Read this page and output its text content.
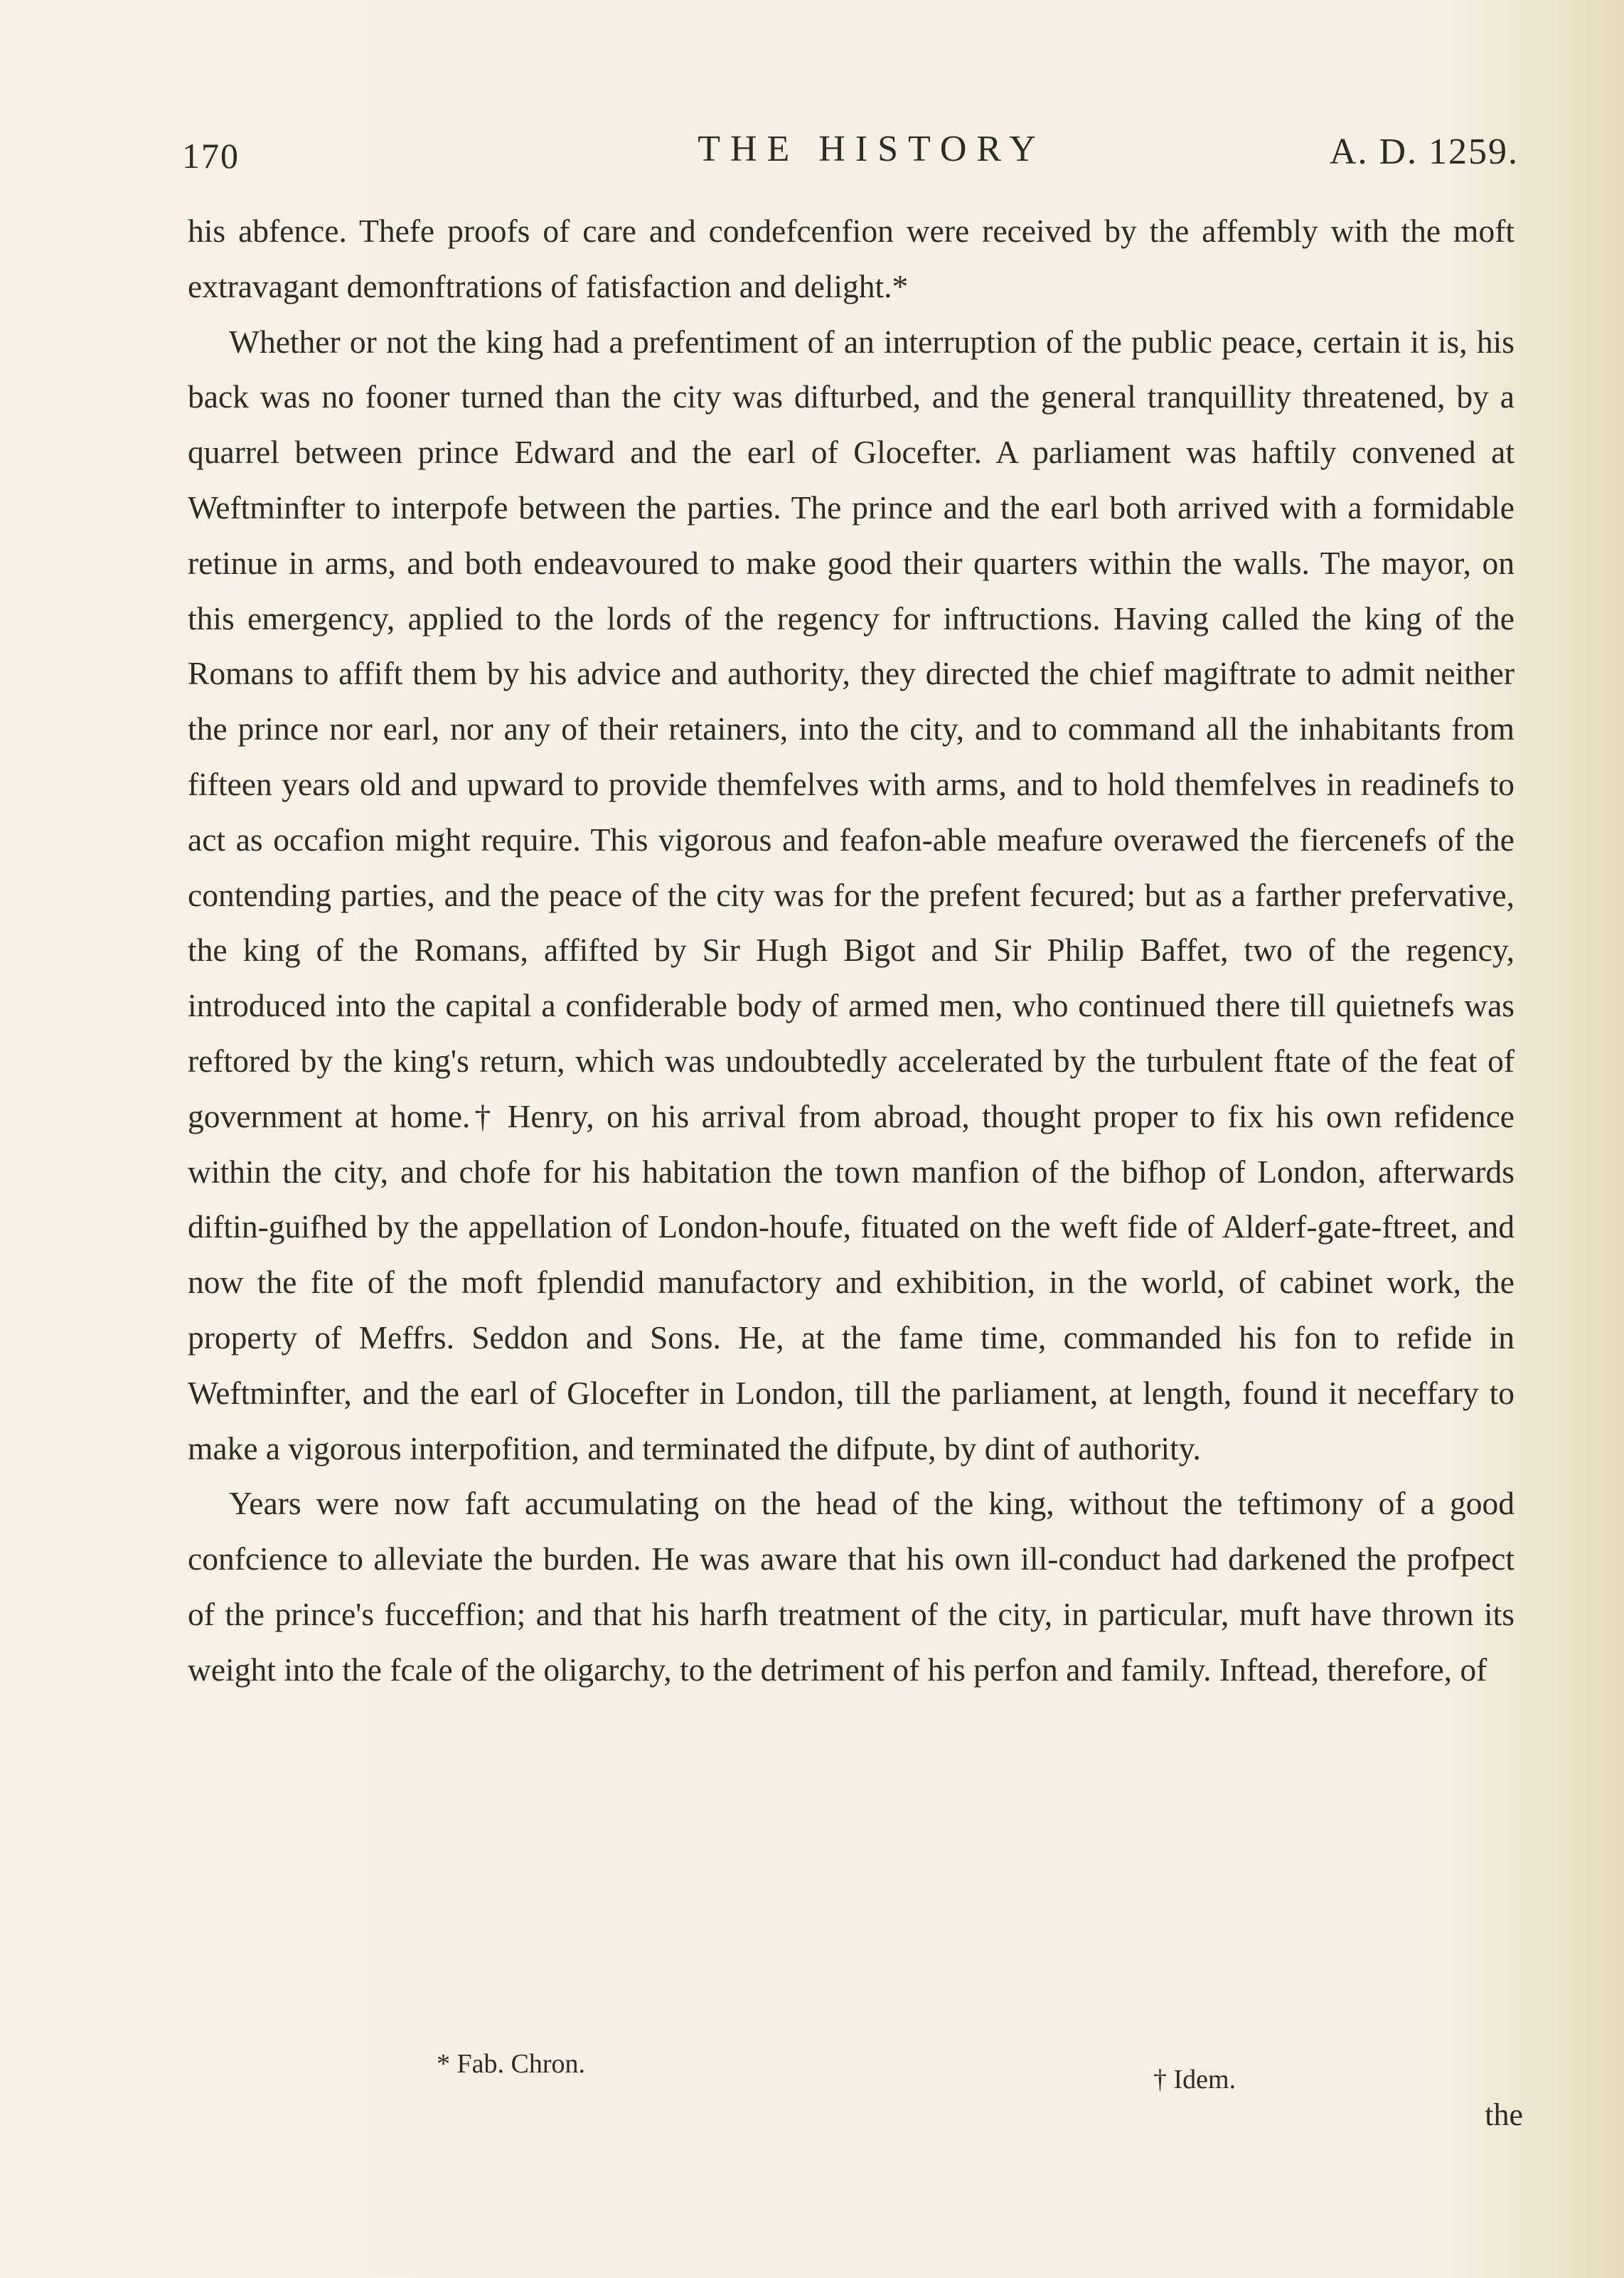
170	THE HISTORY	A. D. 1259.

his abfence. Thefe proofs of care and condefcenfion were received by the affembly with the moft extravagant demonftrations of fatisfaction and delight.*

Whether or not the king had a prefentiment of an interruption of the public peace, certain it is, his back was no fooner turned than the city was difturbed, and the general tranquillity threatened, by a quarrel between prince Edward and the earl of Glocefter. A parliament was haftily convened at Weftminfter to interpofe between the parties. The prince and the earl both arrived with a formidable retinue in arms, and both endeavoured to make good their quarters within the walls. The mayor, on this emergency, applied to the lords of the regency for inftructions. Having called the king of the Romans to affift them by his advice and authority, they directed the chief magiftrate to admit neither the prince nor earl, nor any of their retainers, into the city, and to command all the inhabitants from fifteen years old and upward to provide themfelves with arms, and to hold themfelves in readinefs to act as occafion might require. This vigorous and feafon-able meafure overawed the fiercenefs of the contending parties, and the peace of the city was for the prefent fecured; but as a farther prefervative, the king of the Romans, affifted by Sir Hugh Bigot and Sir Philip Baffet, two of the regency, introduced into the capital a confiderable body of armed men, who continued there till quietnefs was reftored by the king's return, which was undoubtedly accelerated by the turbulent ftate of the feat of government at home.† Henry, on his arrival from abroad, thought proper to fix his own refidence within the city, and chofe for his habitation the town manfion of the bifhop of London, afterwards diftin-guifhed by the appellation of London-houfe, fituated on the weft fide of Alderf-gate-ftreet, and now the fite of the moft fplendid manufactory and exhibition, in the world, of cabinet work, the property of Meffrs. Seddon and Sons. He, at the fame time, commanded his fon to refide in Weftminfter, and the earl of Glocefter in London, till the parliament, at length, found it neceffary to make a vigorous interpofition, and terminated the difpute, by dint of authority.

Years were now faft accumulating on the head of the king, without the teftimony of a good confcience to alleviate the burden. He was aware that his own ill-conduct had darkened the profpect of the prince's fucceffion; and that his harfh treatment of the city, in particular, muft have thrown its weight into the fcale of the oligarchy, to the detriment of his perfon and family. Inftead, therefore, of

* Fab. Chron.
† Idem.
the
